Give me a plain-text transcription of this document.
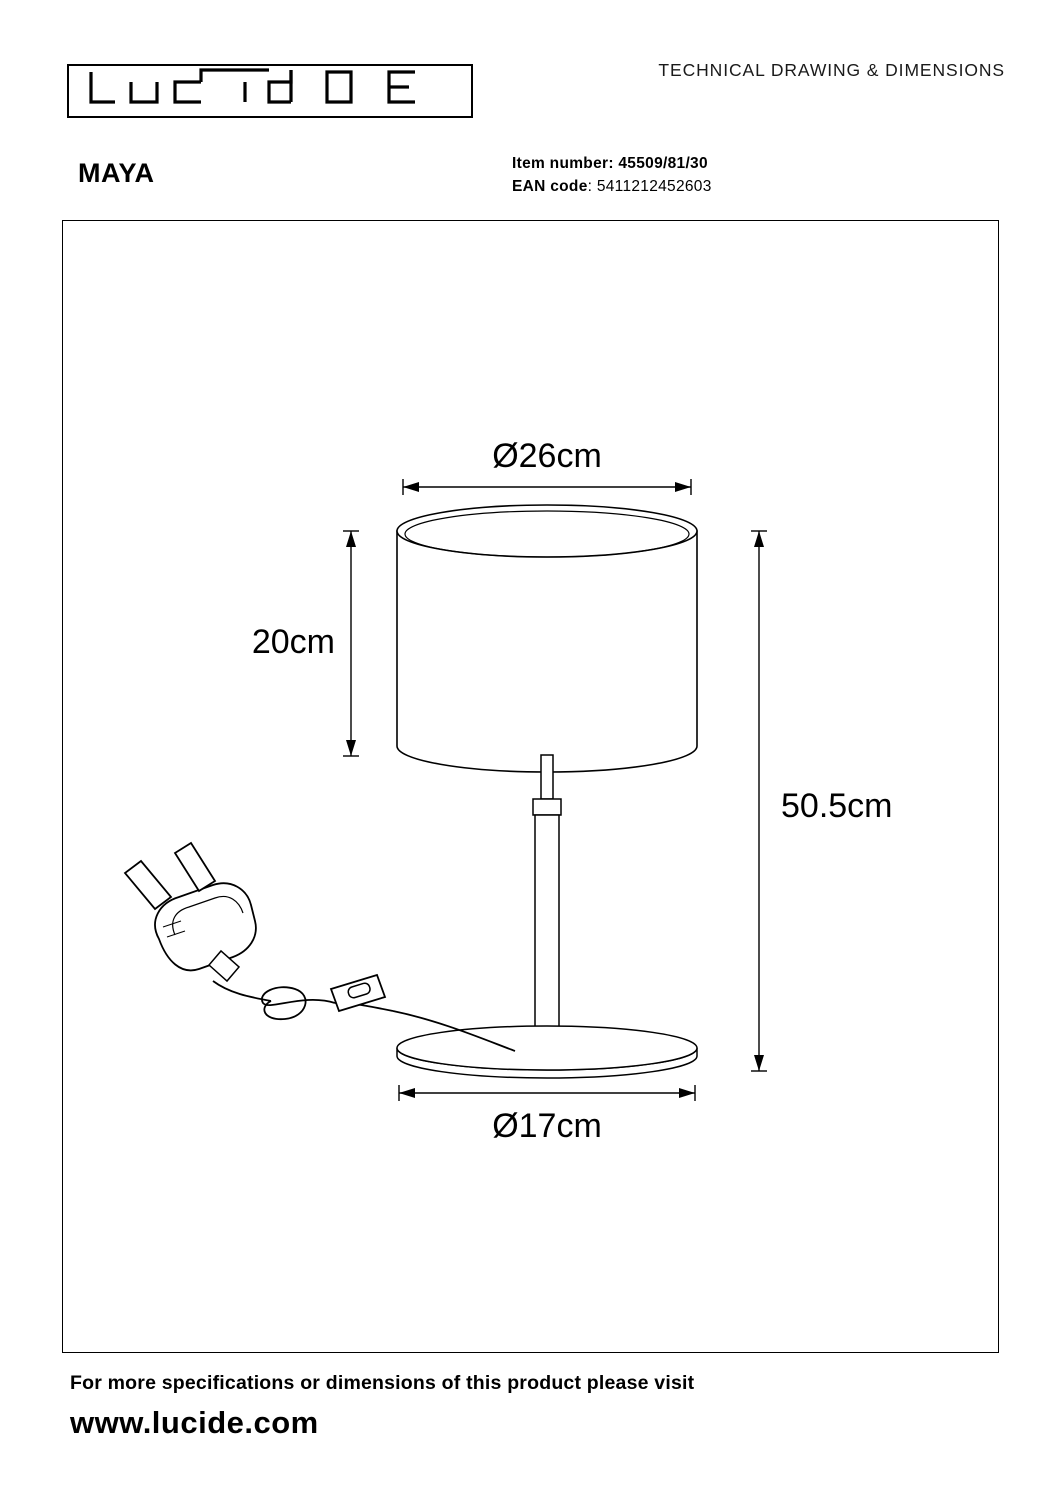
TECHNICAL DRAWING & DIMENSIONS
MAYA	Item number: 45509/81/30
EAN code: 5411212452603
Ø26cm
20cm
50.5cm
Ø17cm
For more specifications or dimensions of this product please visit
www.lucide.com
